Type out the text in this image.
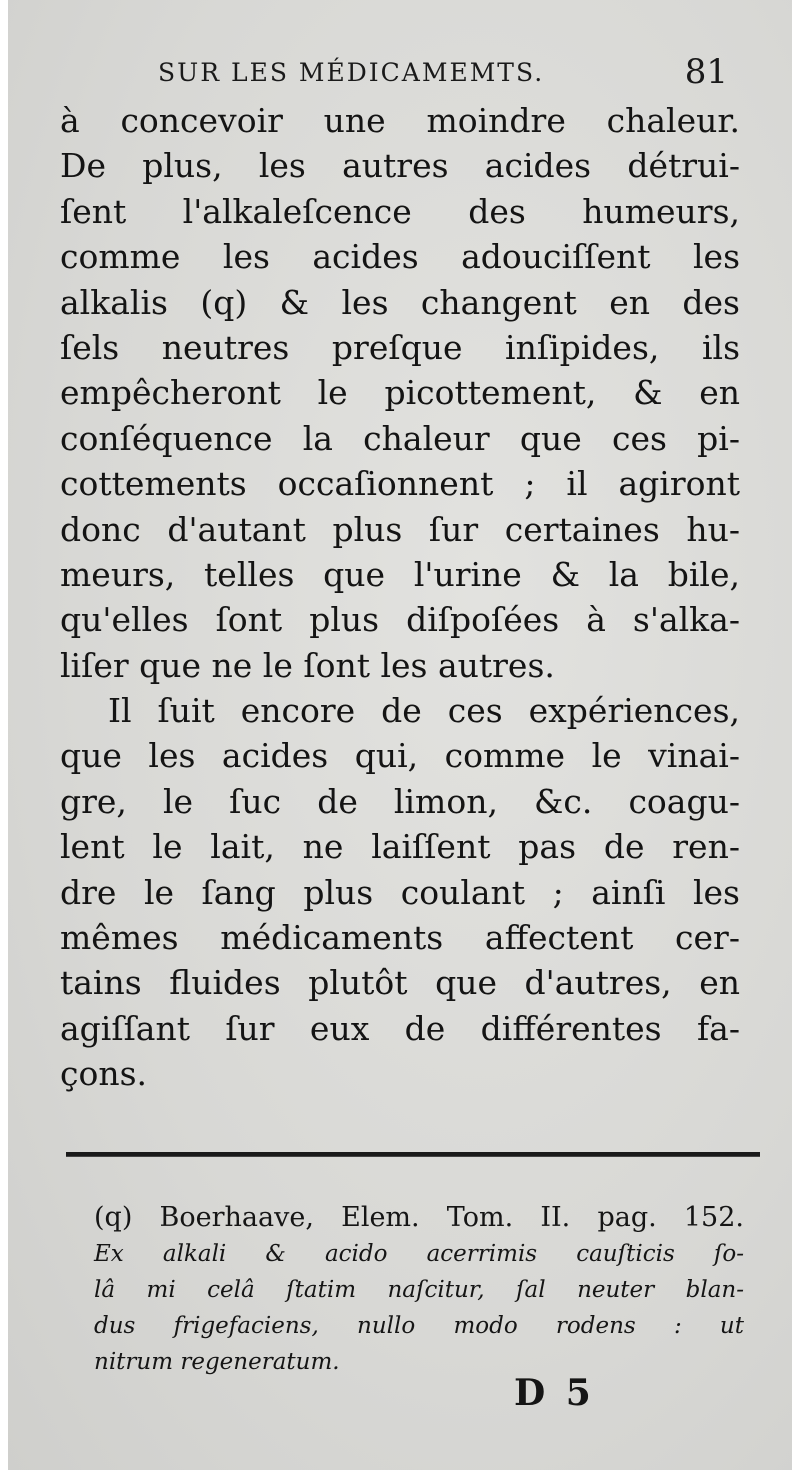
SUR LES MÉDICAMEMTS.	81
à concevoir une moindre chaleur.
De plus, les autres acides détrui-
ſent l'alkaleſcence des humeurs,
comme les acides adouciſſent les
alkalis (q) & les changent en des
ſels neutres preſque inſipides, ils
empêcheront le picottement, & en
conſéquence la chaleur que ces pi-
cottements occaſionnent ; il agiront
donc d'autant plus ſur certaines hu-
meurs, telles que l'urine & la bile,
qu'elles ſont plus diſpoſées à s'alka-
liſer que ne le ſont les autres.
Il ſuit encore de ces expériences,
que les acides qui, comme le vinai-
gre, le ſuc de limon, &c. coagu-
lent le lait, ne laiſſent pas de ren-
dre le ſang plus coulant ; ainſi les
mêmes médicaments affectent cer-
tains fluides plutôt que d'autres, en
agiſſant ſur eux de différentes fa-
çons.
(q) Boerhaave, Elem. Tom. II. pag. 152.
Ex alkali & acido acerrimis cauſticis ſo-
lâ mi celâ ſtatim naſcitur, ſal neuter blan-
dus frigefaciens, nullo modo rodens : ut
nitrum regeneratum.
D 5
